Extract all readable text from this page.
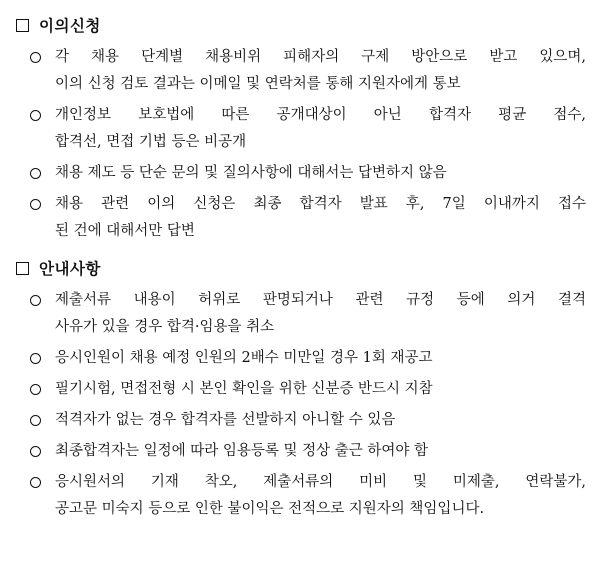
이의신청
각 채용 단계별 채용비위 피해자의 구제 방안으로 받고 있으며,
이의 신청 검토 결과는 이메일 및 연락처를 통해 지원자에게 통보
개인정보 보호법에 따른 공개대상이 아닌 합격자 평균 점수,
합격선, 면접 기법 등은 비공개
채용 제도 등 단순 문의 및 질의사항에 대해서는 답변하지 않음
채용 관련 이의 신청은 최종 합격자 발표 후, 7일 이내까지 접수
된 건에 대해서만 답변
안내사항
제출서류 내용이 허위로 판명되거나 관련 규정 등에 의거 결격
사유가 있을 경우 합격·임용을 취소
응시인원이 채용 예정 인원의 2배수 미만일 경우 1회 재공고
필기시험, 면접전형 시 본인 확인을 위한 신분증 반드시 지참
적격자가 없는 경우 합격자를 선발하지 아니할 수 있음
최종합격자는 일정에 따라 임용등록 및 정상 출근 하여야 함
응시원서의 기재 착오, 제출서류의 미비 및 미제출, 연락불가,
공고문 미숙지 등으로 인한 불이익은 전적으로 지원자의 책임입니다.
